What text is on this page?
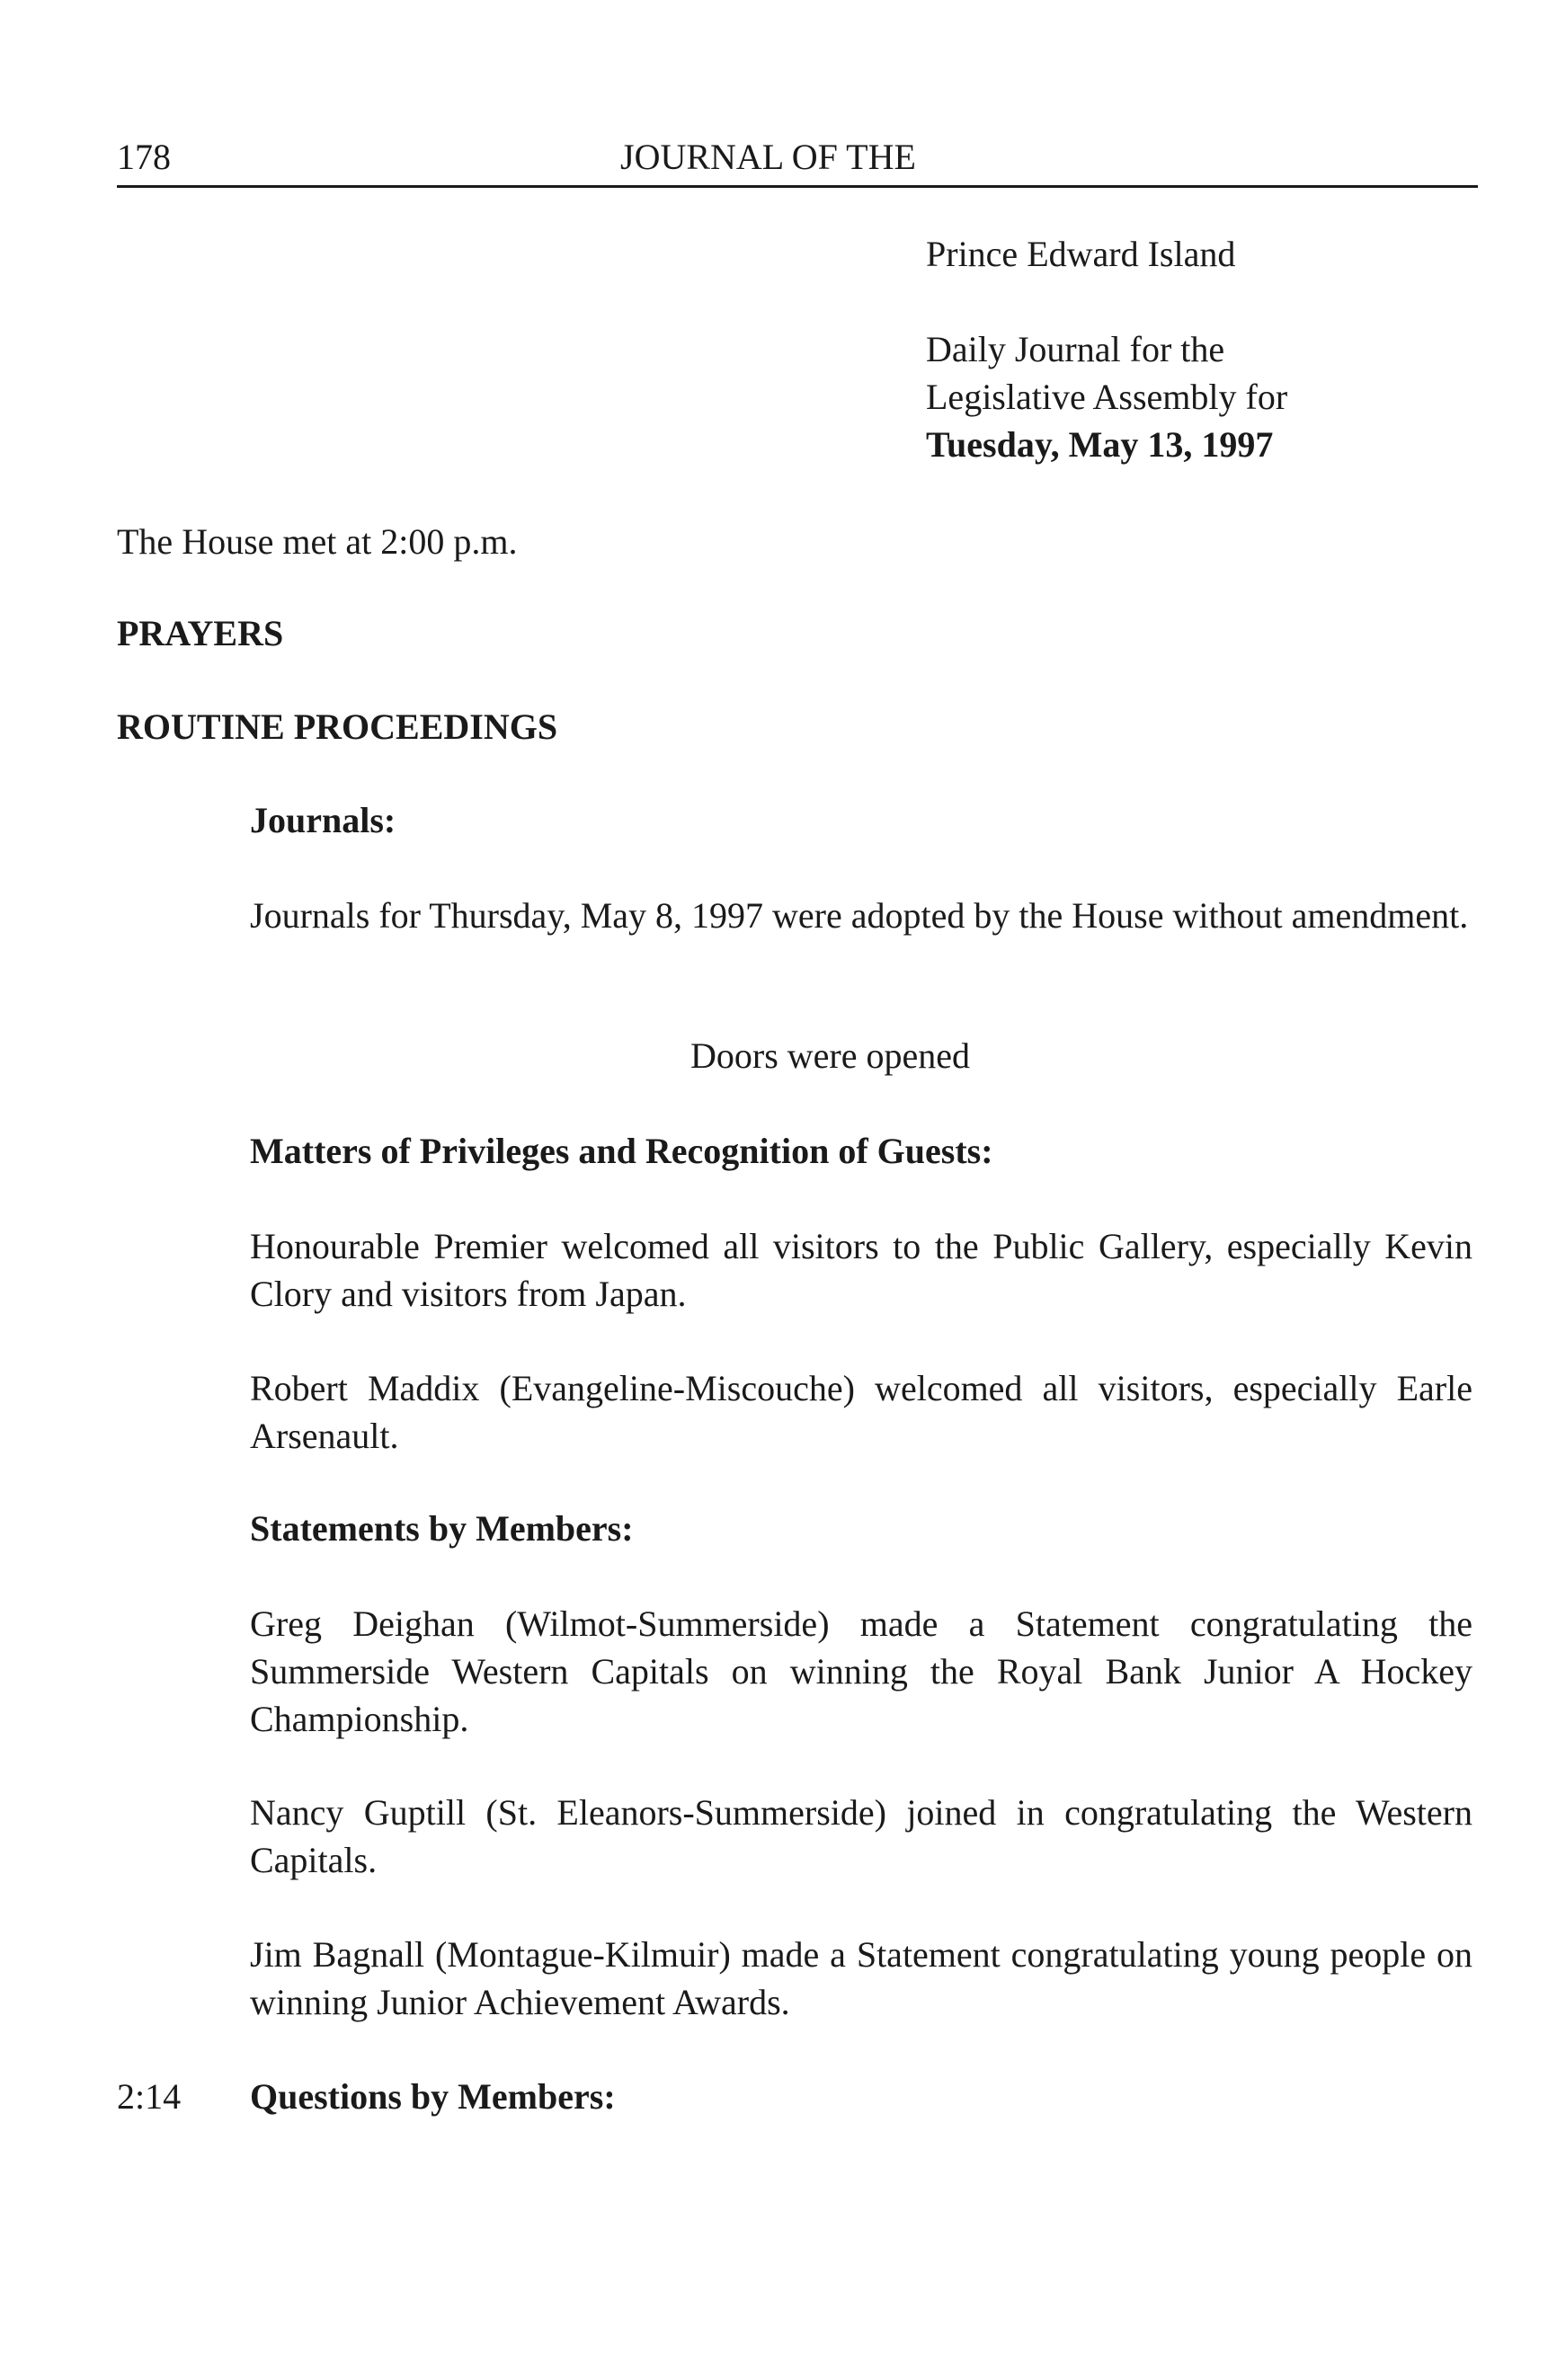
178	JOURNAL OF THE
Prince Edward Island
Daily Journal for the
Legislative Assembly for
Tuesday, May 13, 1997
The House met at 2:00 p.m.
PRAYERS
ROUTINE PROCEEDINGS
Journals:

Journals for Thursday, May 8, 1997 were adopted by the House without amendment.

Doors were opened
Matters of Privileges and Recognition of Guests:

Honourable Premier welcomed all visitors to the Public Gallery, especially Kevin Clory and visitors from Japan.

Robert Maddix (Evangeline-Miscouche) welcomed all visitors, especially Earle Arsenault.

Statements by Members:

Greg Deighan (Wilmot-Summerside) made a Statement congratulating the Summerside Western Capitals on winning the Royal Bank Junior A Hockey Championship.

Nancy Guptill (St. Eleanors-Summerside) joined in congratulating the Western Capitals.

Jim Bagnall (Montague-Kilmuir) made a Statement congratulating young people on winning Junior Achievement Awards.

2:14 Questions by Members:
